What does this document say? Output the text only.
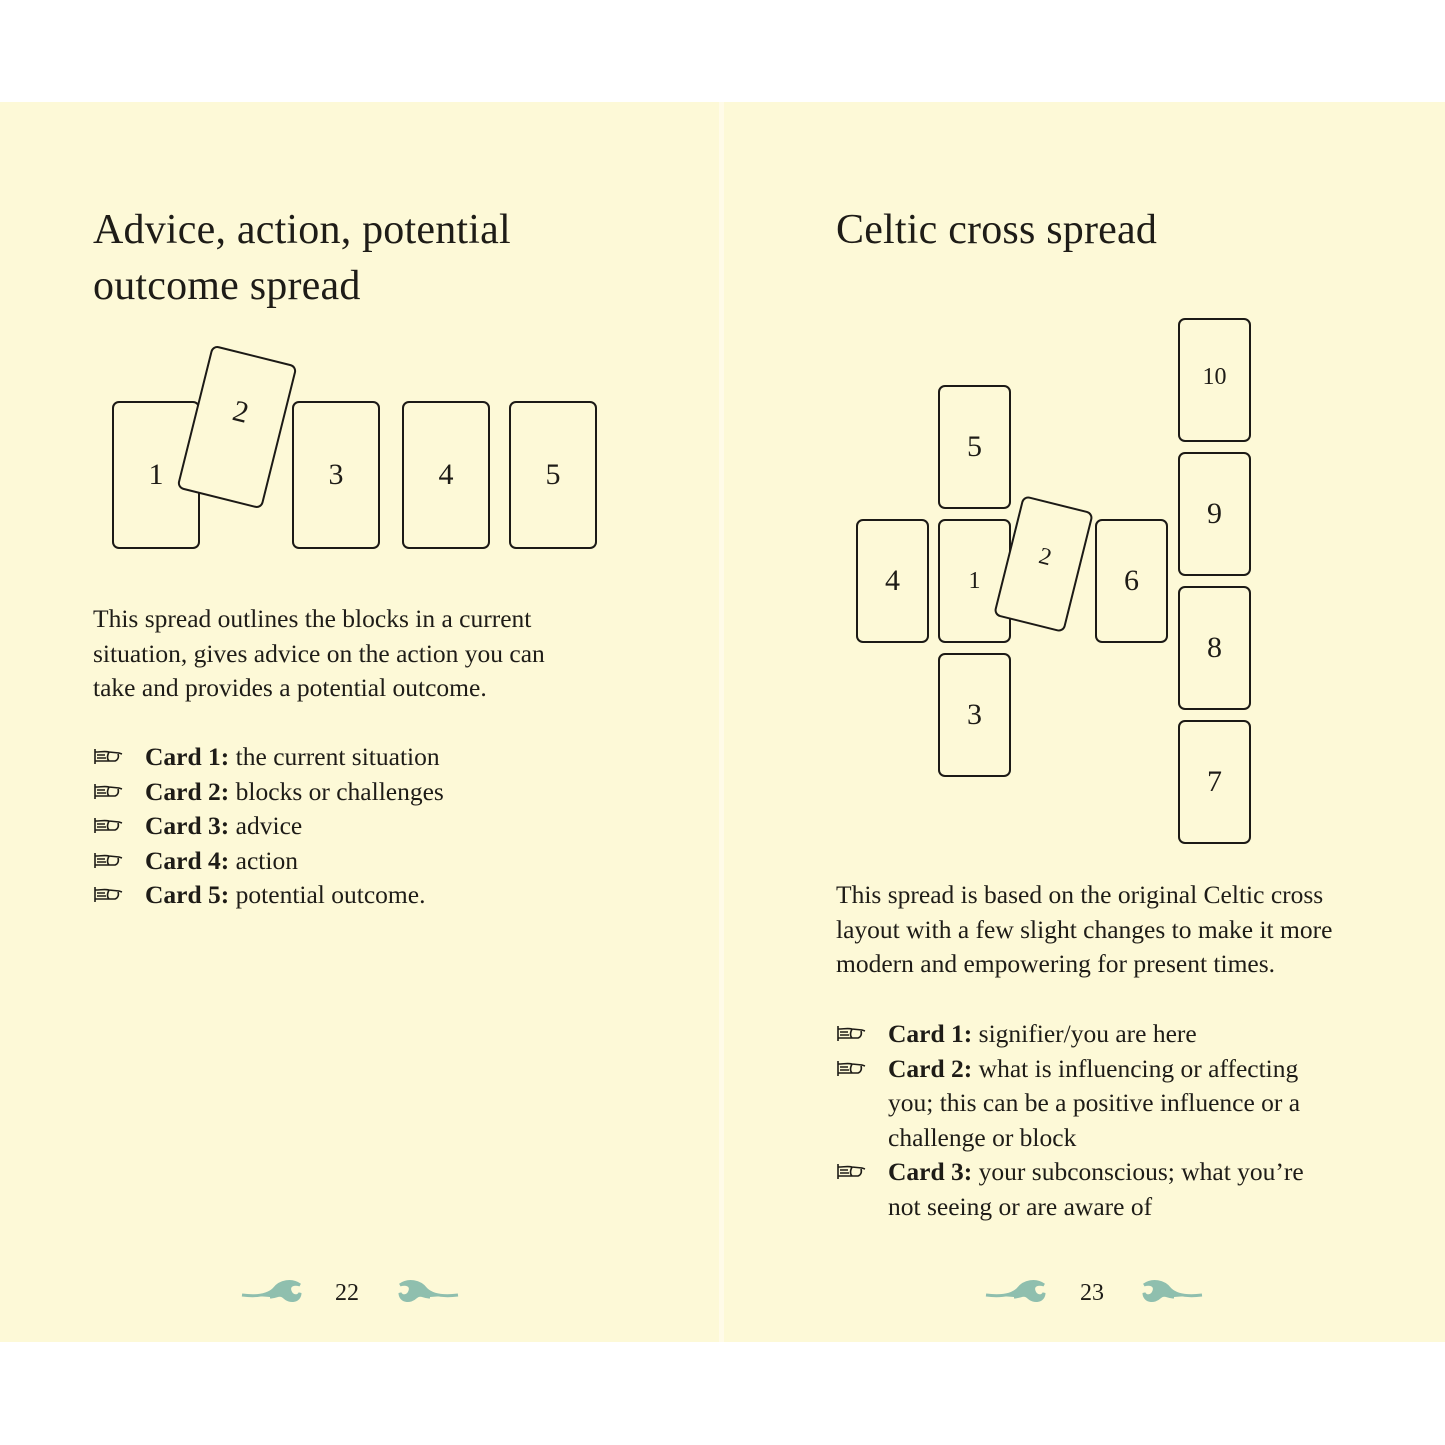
Advice, action, potential
outcome spread
1
2
3	4	5

This spread outlines the blocks in a current situation, gives advice on the action you can take and provides a potential outcome.

Card 1: the current situation
Card 2: blocks or challenges
Card 3: advice
Card 4: action
Card 5: potential outcome.
22
Celtic cross spread
5
4	1
2
6
3
10
9
8
7

This spread is based on the original Celtic cross layout with a few slight changes to make it more modern and empowering for present times.

Card 1: signifier/you are here
Card 2: what is influencing or affecting you; this can be a positive influence or a challenge or block
Card 3: your subconscious; what you’re not seeing or are aware of
23
